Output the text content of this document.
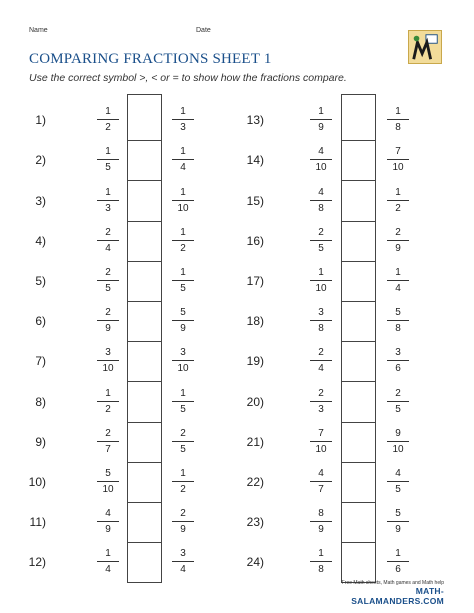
Name	Date
COMPARING FRACTIONS SHEET 1
Use the correct symbol >, < or = to show how the fractions compare.
1)
1
2
1
3
2)
1
5
1
4
3)
1
3
1
10
4)
2
4
1
2
5)
2
5
1
5
6)
2
9
5
9
7)
3
10
3
10
8)
1
2
1
5
9)
2
7
2
5
10)
5
10
1
2
11)
4
9
2
9
12)
1
4
3
4
13)
1
9
1
8
14)
4
10
7
10
15)
4
8
1
2
16)
2
5
2
9
17)
1
10
1
4
18)
3
8
5
8
19)
2
4
3
6
20)
2
3
2
5
21)
7
10
9
10
22)
4
7
4
5
23)
8
9
5
9
24)
1
8
1
6
Free Math sheets, Math games and Math help
MATH-SALAMANDERS.COM
